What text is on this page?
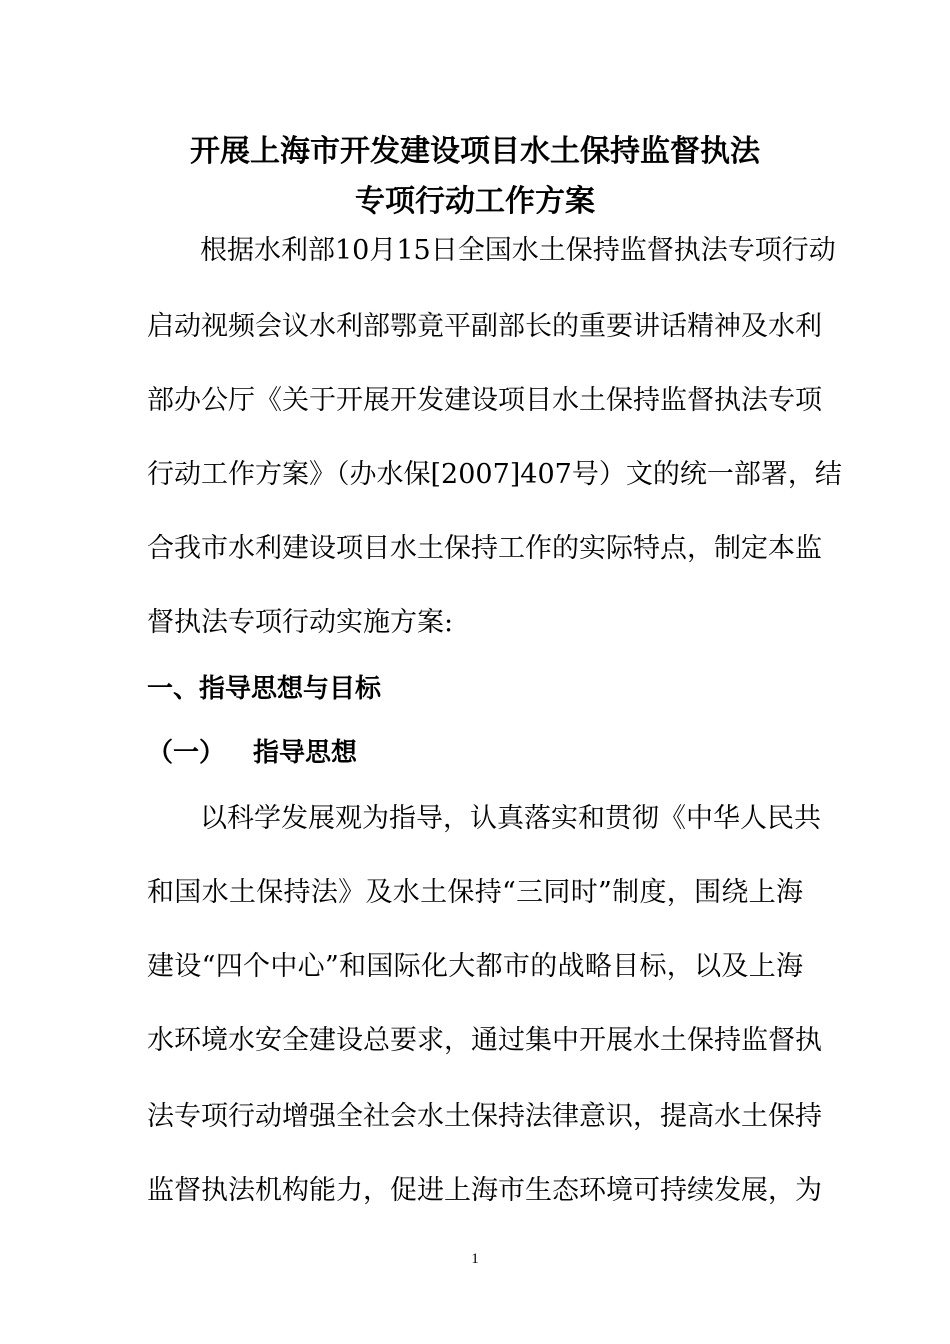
开展上海市开发建设项目水土保持监督执法
专项行动工作方案
根据水利部10月15日全国水土保持监督执法专项行动
启动视频会议水利部鄂竟平副部长的重要讲话精神及水利
部办公厅《关于开展开发建设项目水土保持监督执法专项
行动工作方案》（办水保[2007]407号）文的统一部署，结
合我市水利建设项目水土保持工作的实际特点，制定本监
督执法专项行动实施方案:
一、指导思想与目标
（一） 指导思想
以科学发展观为指导，认真落实和贯彻《中华人民共
和国水土保持法》及水土保持“三同时”制度，围绕上海
建设“四个中心”和国际化大都市的战略目标，以及上海
水环境水安全建设总要求，通过集中开展水土保持监督执
法专项行动增强全社会水土保持法律意识，提高水土保持
监督执法机构能力，促进上海市生态环境可持续发展，为
1
